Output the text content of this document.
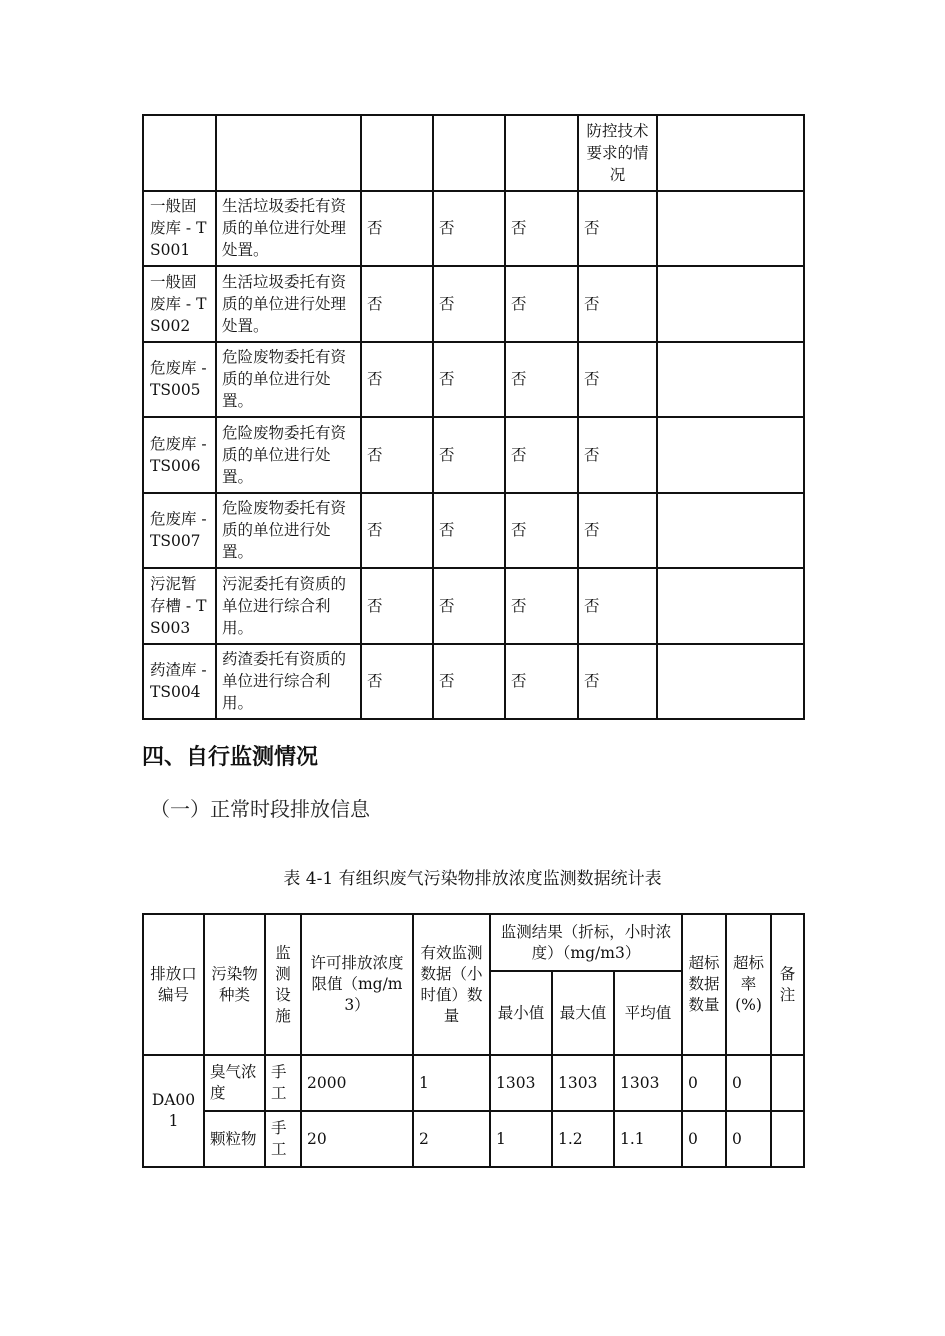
					防控技术要求的情况	
一般固废库 - TS001	生活垃圾委托有资质的单位进行处理处置。	否	否	否	否	
一般固废库 - TS002	生活垃圾委托有资质的单位进行处理处置。	否	否	否	否	
危废库 - TS005	危险废物委托有资质的单位进行处置。	否	否	否	否	
危废库 - TS006	危险废物委托有资质的单位进行处置。	否	否	否	否	
危废库 - TS007	危险废物委托有资质的单位进行处置。	否	否	否	否	
污泥暂存槽 - TS003	污泥委托有资质的单位进行综合利用。	否	否	否	否	
药渣库 - TS004	药渣委托有资质的单位进行综合利用。	否	否	否	否	
四、自行监测情况
（一）正常时段排放信息
表 4-1 有组织废气污染物排放浓度监测数据统计表
排放口编号	污染物种类	监测设施	许可排放浓度限值（mg/m3）	有效监测数据（小时值）数量	监测结果（折标，小时浓度）（mg/m3）			超标数据数量	超标率(%)	备注
					最小值	最大值	平均值			
DA001	臭气浓度	手工	2000	1	1303	1303	1303	0	0	
	颗粒物	手工	20	2	1	1.2	1.1	0	0	
